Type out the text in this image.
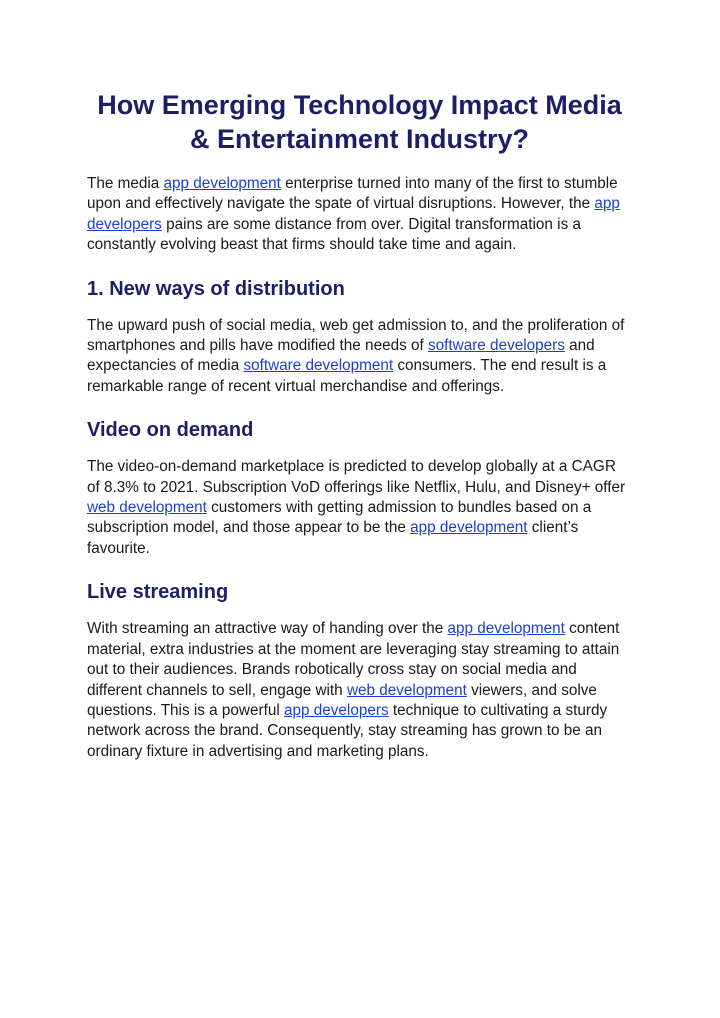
How Emerging Technology Impact Media & Entertainment Industry?

The media app development enterprise turned into many of the first to stumble upon and effectively navigate the spate of virtual disruptions. However, the app developers pains are some distance from over. Digital transformation is a constantly evolving beast that firms should take time and again.

1. New ways of distribution

The upward push of social media, web get admission to, and the proliferation of smartphones and pills have modified the needs of software developers and expectancies of media software development consumers. The end result is a remarkable range of recent virtual merchandise and offerings.

Video on demand

The video-on-demand marketplace is predicted to develop globally at a CAGR of 8.3% to 2021. Subscription VoD offerings like Netflix, Hulu, and Disney+ offer web development customers with getting admission to bundles based on a subscription model, and those appear to be the app development client’s favourite.

Live streaming

With streaming an attractive way of handing over the app development content material, extra industries at the moment are leveraging stay streaming to attain out to their audiences. Brands robotically cross stay on social media and different channels to sell, engage with web development viewers, and solve questions. This is a powerful app developers technique to cultivating a sturdy network across the brand. Consequently, stay streaming has grown to be an ordinary fixture in advertising and marketing plans.
